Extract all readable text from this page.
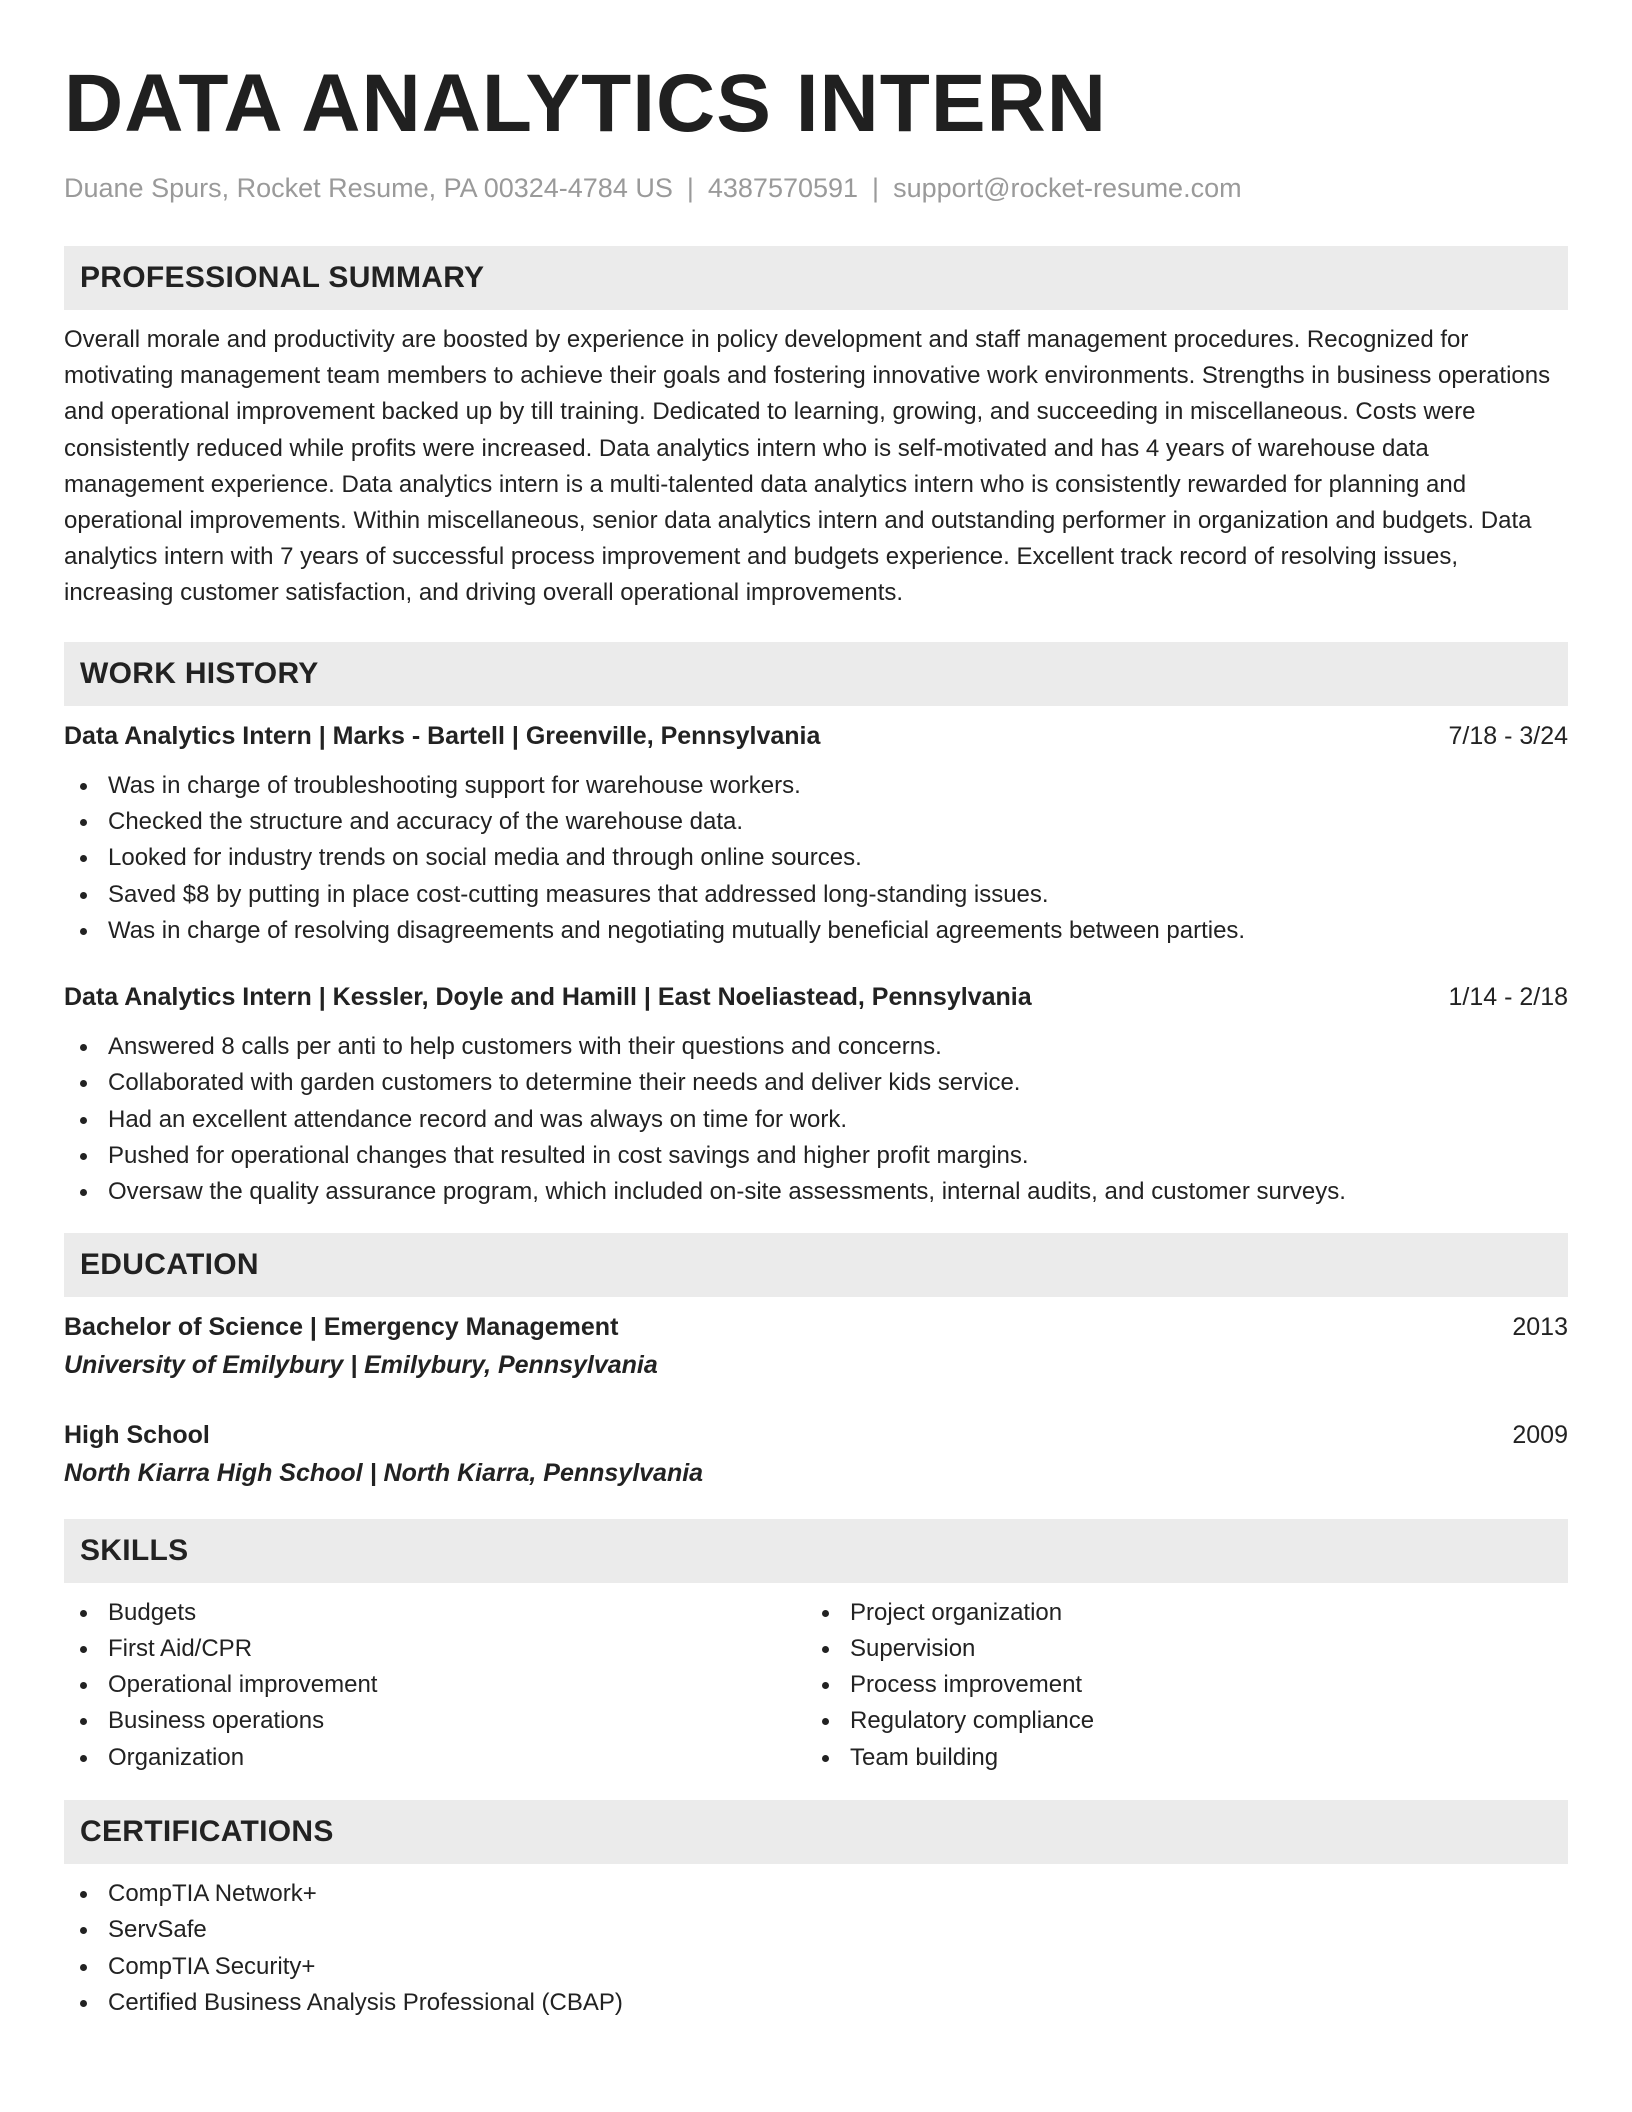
DATA ANALYTICS INTERN
Duane Spurs, Rocket Resume, PA 00324-4784 US | 4387570591 | support@rocket-resume.com
PROFESSIONAL SUMMARY
Overall morale and productivity are boosted by experience in policy development and staff management procedures. Recognized for motivating management team members to achieve their goals and fostering innovative work environments. Strengths in business operations and operational improvement backed up by till training. Dedicated to learning, growing, and succeeding in miscellaneous. Costs were consistently reduced while profits were increased. Data analytics intern who is self-motivated and has 4 years of warehouse data management experience. Data analytics intern is a multi-talented data analytics intern who is consistently rewarded for planning and operational improvements. Within miscellaneous, senior data analytics intern and outstanding performer in organization and budgets. Data analytics intern with 7 years of successful process improvement and budgets experience. Excellent track record of resolving issues, increasing customer satisfaction, and driving overall operational improvements.
WORK HISTORY
Data Analytics Intern | Marks - Bartell | Greenville, Pennsylvania	7/18 - 3/24
Was in charge of troubleshooting support for warehouse workers.
Checked the structure and accuracy of the warehouse data.
Looked for industry trends on social media and through online sources.
Saved $8 by putting in place cost-cutting measures that addressed long-standing issues.
Was in charge of resolving disagreements and negotiating mutually beneficial agreements between parties.
Data Analytics Intern | Kessler, Doyle and Hamill | East Noeliastead, Pennsylvania	1/14 - 2/18
Answered 8 calls per anti to help customers with their questions and concerns.
Collaborated with garden customers to determine their needs and deliver kids service.
Had an excellent attendance record and was always on time for work.
Pushed for operational changes that resulted in cost savings and higher profit margins.
Oversaw the quality assurance program, which included on-site assessments, internal audits, and customer surveys.
EDUCATION
Bachelor of Science | Emergency Management	2013
University of Emilybury | Emilybury, Pennsylvania
High School	2009
North Kiarra High School | North Kiarra, Pennsylvania
SKILLS
Budgets
First Aid/CPR
Operational improvement
Business operations
Organization
Project organization
Supervision
Process improvement
Regulatory compliance
Team building
CERTIFICATIONS
CompTIA Network+
ServSafe
CompTIA Security+
Certified Business Analysis Professional (CBAP)
